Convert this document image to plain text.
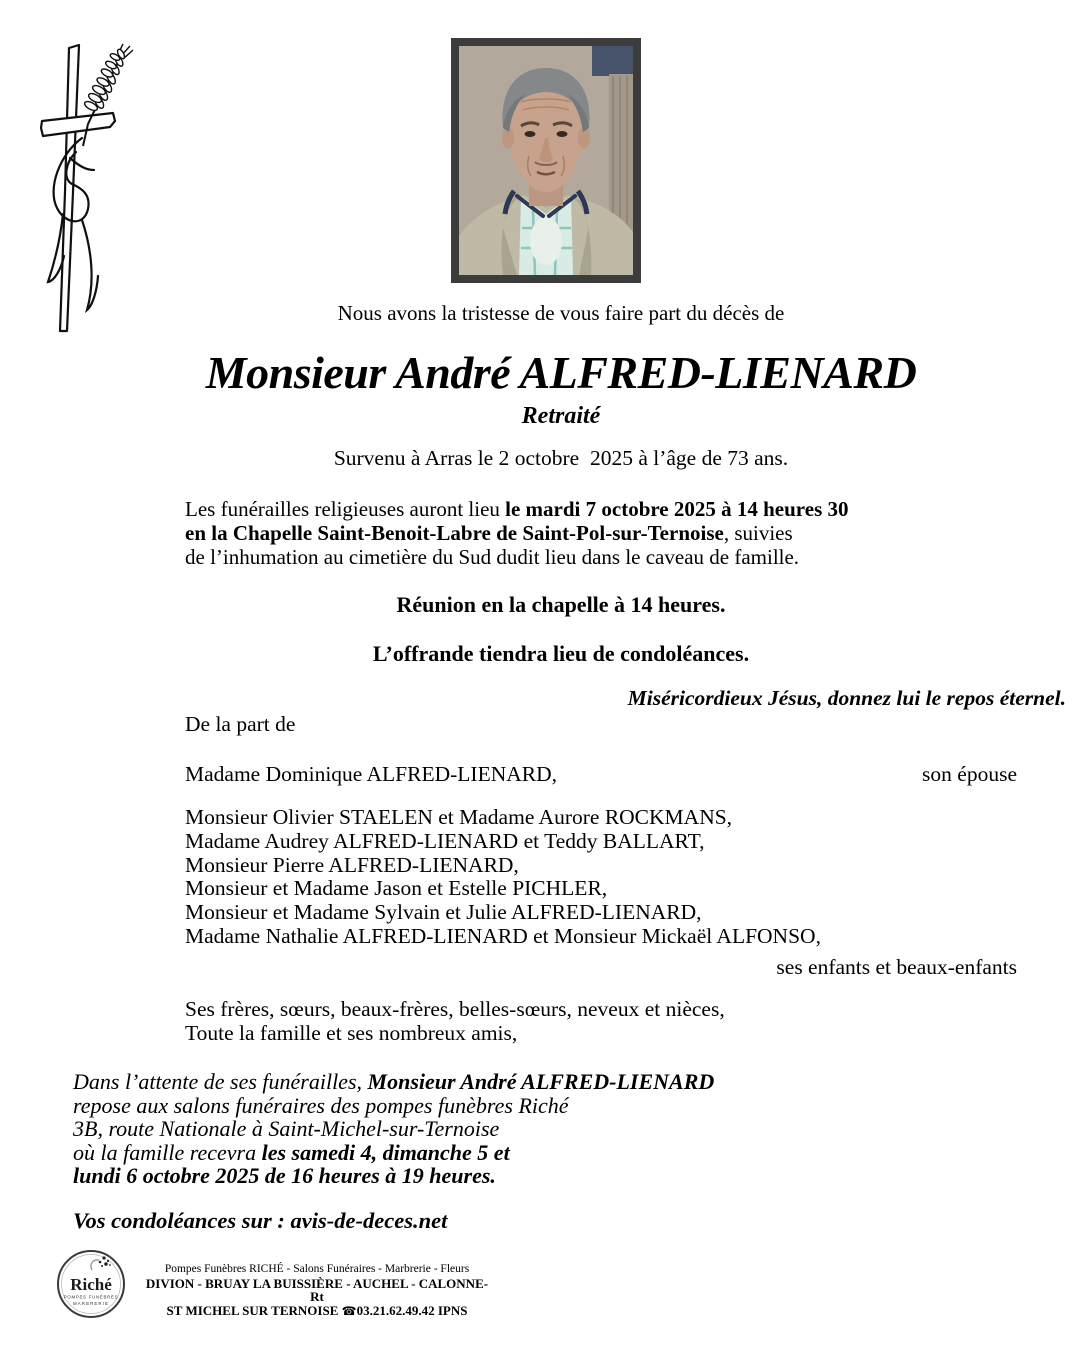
Nous avons la tristesse de vous faire part du décès de
Monsieur André ALFRED-LIENARD
Retraité
Survenu à Arras le 2 octobre  2025 à l’âge de 73 ans.
Les funérailles religieuses auront lieu le mardi 7 octobre 2025 à 14 heures 30
en la Chapelle Saint-Benoit-Labre de Saint-Pol-sur-Ternoise, suivies
de l’inhumation au cimetière du Sud dudit lieu dans le caveau de famille.
Réunion en la chapelle à 14 heures.
L’offrande tiendra lieu de condoléances.
Miséricordieux Jésus, donnez lui le repos éternel.
De la part de
Madame Dominique ALFRED-LIENARD,	son épouse
Monsieur Olivier STAELEN et Madame Aurore ROCKMANS,
Madame Audrey ALFRED-LIENARD et Teddy BALLART,
Monsieur Pierre ALFRED-LIENARD,
Monsieur et Madame Jason et Estelle PICHLER,
Monsieur et Madame Sylvain et Julie ALFRED-LIENARD,
Madame Nathalie ALFRED-LIENARD et Monsieur Mickaël ALFONSO,
ses enfants et beaux-enfants
Ses frères, sœurs, beaux-frères, belles-sœurs, neveux et nièces,
Toute la famille et ses nombreux amis,
Dans l’attente de ses funérailles, Monsieur André ALFRED-LIENARD
repose aux salons funéraires des pompes funèbres Riché
3B, route Nationale à Saint-Michel-sur-Ternoise
où la famille recevra les samedi 4, dimanche 5 et
lundi 6 octobre 2025 de 16 heures à 19 heures.
Vos condoléances sur : avis-de-deces.net
Riché
POMPES FUNÈBRES
MARBRERIE
Pompes Funèbres RICHÉ - Salons Funéraires - Marbrerie - Fleurs
DIVION - BRUAY LA BUISSIÈRE - AUCHEL - CALONNE-Rt
ST MICHEL SUR TERNOISE ☎03.21.62.49.42 IPNS
